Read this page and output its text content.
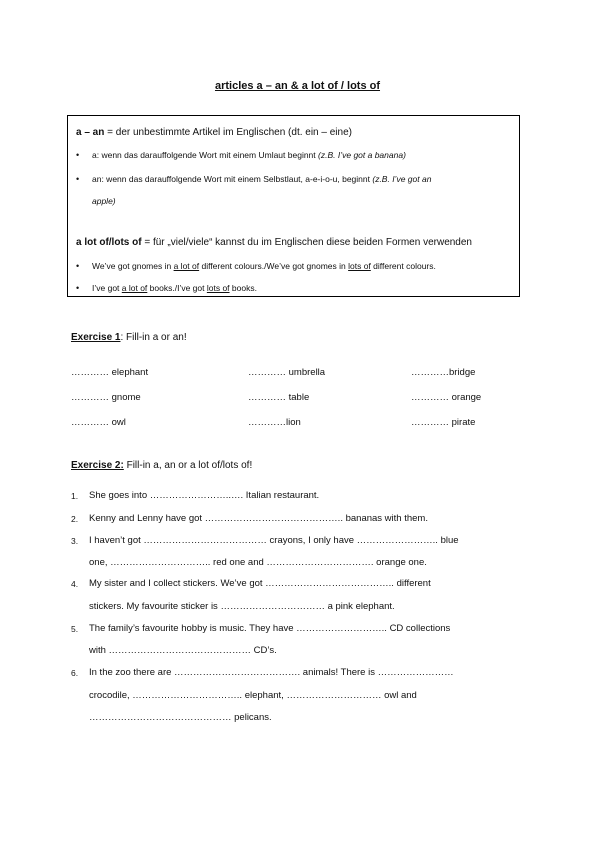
articles a – an & a lot of / lots of
a – an = der unbestimmte Artikel im Englischen (dt. ein – eine)
• a: wenn das darauffolgende Wort mit einem Umlaut beginnt (z.B. I’ve got a banana)
• an: wenn das darauffolgende Wort mit einem Selbstlaut, a-e-i-o-u, beginnt (z.B. I’ve got an
apple)
a lot of/lots of = für „viel/viele“ kannst du im Englischen diese beiden Formen verwenden
• We’ve got gnomes in a lot of different colours./We’ve got gnomes in lots of different colours.
• I’ve got a lot of books./I’ve got lots of books.
Exercise 1: Fill-in a or an!
………… elephant	………… umbrella	…………bridge
………… gnome	………… table	………… orange
………… owl	…………lion	………… pirate
Exercise 2: Fill-in a, an or a lot of/lots of!
1. She goes into ……………………..…. Italian restaurant.
2. Kenny and Lenny have got …………………………………….. bananas with them.
3. I haven’t got ………………………………… crayons, I only have …………………….. blue
one, ………………………….. red one and ……………………………. orange one.
4. My sister and I collect stickers. We’ve got ………………………………….. different
stickers. My favourite sticker is …………………………… a pink elephant.
5. The family’s favourite hobby is music. They have ……………………….. CD collections
with ……………………………………… CD’s.
6. In the zoo there are …………………………………. animals! There is ……………………
crocodile, …………………………….. elephant, ………………………… owl and
……………………………………… pelicans.
